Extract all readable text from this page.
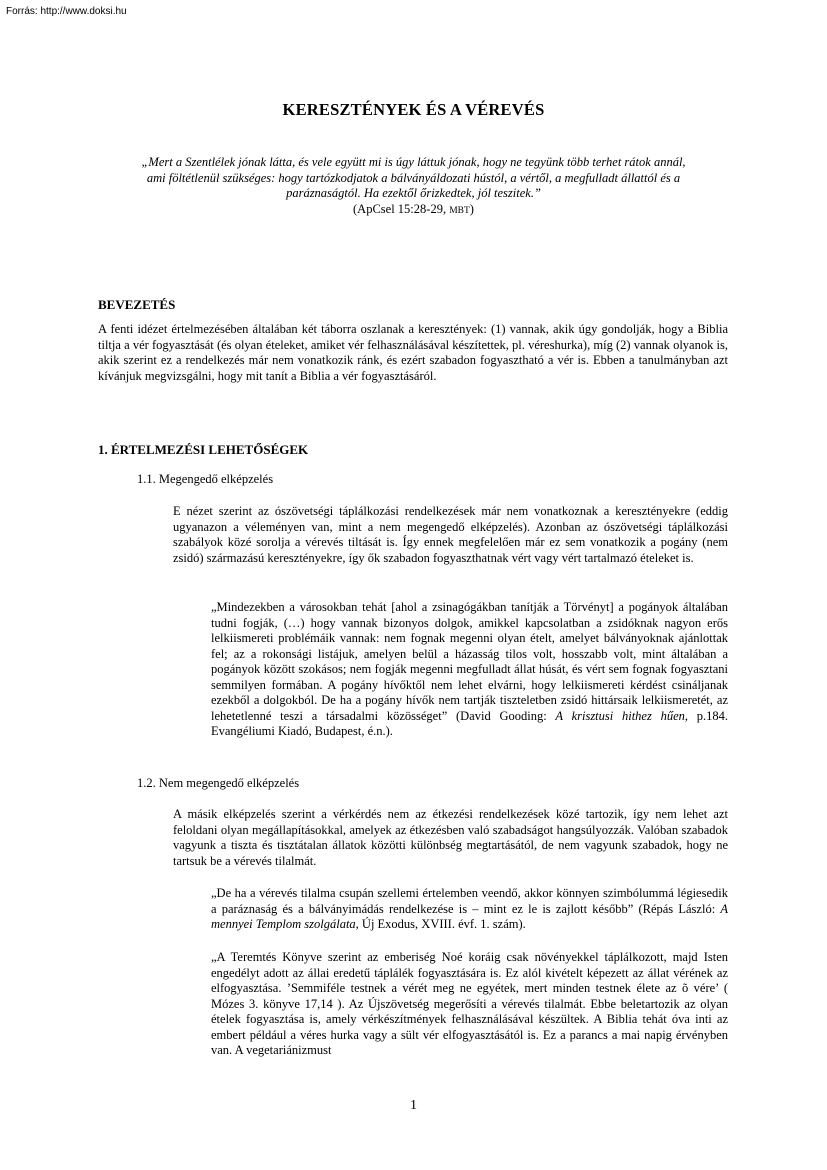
Forrás: http://www.doksi.hu
KERESZTÉNYEK ÉS A VÉREVÉS
„Mert a Szentlélek jónak látta, és vele együtt mi is úgy láttuk jónak, hogy ne tegyünk több terhet rátok annál, ami föltétlenül szükséges: hogy tartózkodjatok a bálványáldozati hústól, a vértől, a megfulladt állattól és a paráznaságtól. Ha ezektől őrizkedtek, jól teszitek.”
(ApCsel 15:28-29, MBT)
BEVEZETÉS

A fenti idézet értelmezésében általában két táborra oszlanak a keresztények: (1) vannak, akik úgy gondolják, hogy a Biblia tiltja a vér fogyasztását (és olyan ételeket, amiket vér felhasználásával készítettek, pl. véreshurka), míg (2) vannak olyanok is, akik szerint ez a rendelkezés már nem vonatkozik ránk, és ezért szabadon fogyasztható a vér is. Ebben a tanulmányban azt kívánjuk megvizsgálni, hogy mit tanít a Biblia a vér fogyasztásáról.

1. ÉRTELMEZÉSI LEHETŐSÉGEK
1.1. Megengedő elképzelés

E nézet szerint az ószövetségi táplálkozási rendelkezések már nem vonatkoznak a keresztényekre (eddig ugyanazon a véleményen van, mint a nem megengedő elképzelés). Azonban az ószövetségi táplálkozási szabályok közé sorolja a vérevés tiltását is. Így ennek megfelelően már ez sem vonatkozik a pogány (nem zsidó) származású keresztényekre, így ők szabadon fogyaszthatnak vért vagy vért tartalmazó ételeket is.

„Mindezekben a városokban tehát [ahol a zsinagógákban tanítják a Törvényt] a pogányok általában tudni fogják, (…) hogy vannak bizonyos dolgok, amikkel kapcsolatban a zsidóknak nagyon erős lelkiismereti problémáik vannak: nem fognak megenni olyan ételt, amelyet bálványoknak ajánlottak fel; az a rokonsági listájuk, amelyen belül a házasság tilos volt, hosszabb volt, mint általában a pogányok között szokásos; nem fogják megenni megfulladt állat húsát, és vért sem fognak fogyasztani semmilyen formában. A pogány hívőktől nem lehet elvárni, hogy lelkiismereti kérdést csináljanak ezekből a dolgokból. De ha a pogány hívők nem tartják tiszteletben zsidó hittársaik lelkiismeretét, az lehetetlenné teszi a társadalmi közösséget” (David Gooding: A krisztusi hithez hűen, p.184. Evangéliumi Kiadó, Budapest, é.n.).

1.2. Nem megengedő elképzelés

A másik elképzelés szerint a vérkérdés nem az étkezési rendelkezések közé tartozik, így nem lehet azt feloldani olyan megállapításokkal, amelyek az étkezésben való szabadságot hangsúlyozzák. Valóban szabadok vagyunk a tiszta és tisztátalan állatok közötti különbség megtartásától, de nem vagyunk szabadok, hogy ne tartsuk be a vérevés tilalmát.

„De ha a vérevés tilalma csupán szellemi értelemben veendő, akkor könnyen szimbólummá légiesedik a paráznaság és a bálványimádás rendelkezése is – mint ez le is zajlott később” (Répás László: A mennyei Templom szolgálata, Új Exodus, XVIII. évf. 1. szám).

„A Teremtés Könyve szerint az emberiség Noé koráig csak növényekkel táplálkozott, majd Isten engedélyt adott az állai eredetű táplálék fogyasztására is. Ez alól kivételt képezett az állat vérének az elfogyasztása. ’Semmiféle testnek a vérét meg ne egyétek, mert minden testnek élete az õ vére’ ( Mózes 3. könyve 17,14 ). Az Újszövetség megerősíti a vérevés tilalmát. Ebbe beletartozik az olyan ételek fogyasztása is, amely vérkészítmények felhasználásával készültek. A Biblia tehát óva inti az embert például a véres hurka vagy a sült vér elfogyasztásától is. Ez a parancs a mai napig érvényben van. A vegetariánizmust

1
